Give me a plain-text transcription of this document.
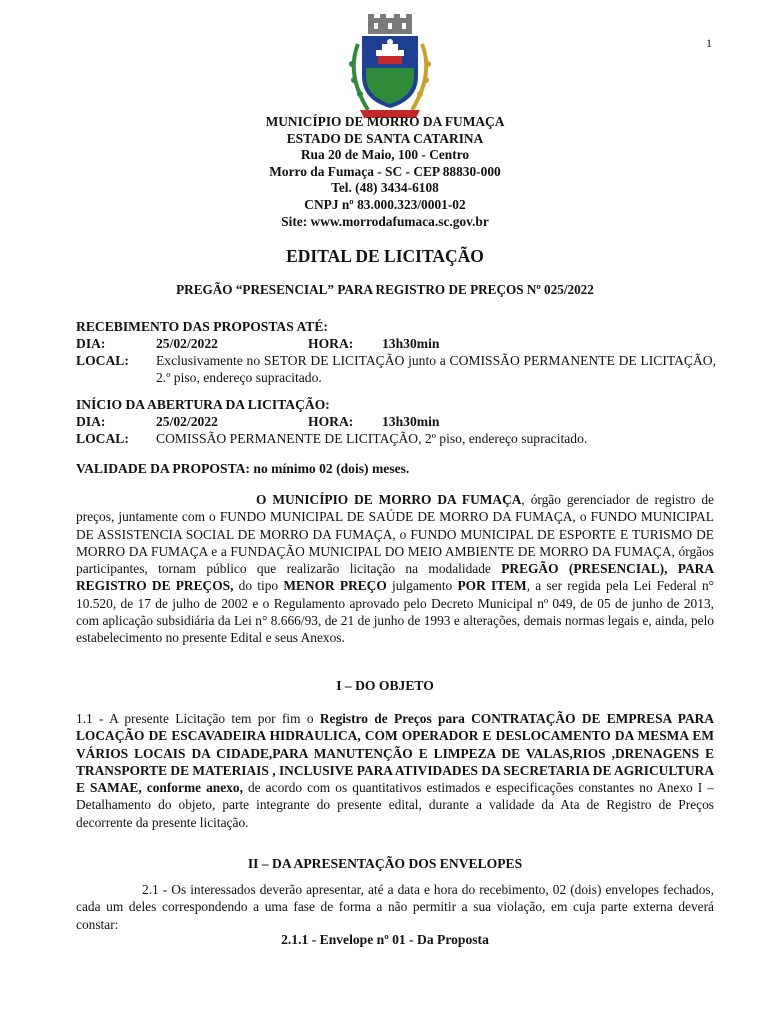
1
MUNICÍPIO DE MORRO DA FUMAÇA
ESTADO DE SANTA CATARINA
Rua 20 de Maio, 100 - Centro
Morro da Fumaça - SC - CEP 88830-000
Tel. (48) 3434-6108
CNPJ nº 83.000.323/0001-02
Site: www.morrodafumaca.sc.gov.br
EDITAL DE LICITAÇÃO
PREGÃO “PRESENCIAL” PARA REGISTRO DE PREÇOS Nº 025/2022
RECEBIMENTO DAS PROPOSTAS ATÉ:
DIA:	25/02/2022	HORA:	13h30min
LOCAL:	Exclusivamente no SETOR DE LICITAÇÃO junto a COMISSÃO PERMANENTE DE LICITAÇÃO, 2.º piso, endereço supracitado.
INÍCIO DA ABERTURA DA LICITAÇÃO:
DIA:	25/02/2022	HORA:	13h30min
LOCAL:	COMISSÃO PERMANENTE DE LICITAÇÃO, 2º piso, endereço supracitado.
VALIDADE DA PROPOSTA: no mínimo 02 (dois) meses.
O MUNICÍPIO DE MORRO DA FUMAÇA, órgão gerenciador de registro de preços, juntamente com o FUNDO MUNICIPAL DE SAÚDE DE MORRO DA FUMAÇA, o FUNDO MUNICIPAL DE ASSISTENCIA SOCIAL DE MORRO DA FUMAÇA, o FUNDO MUNICIPAL DE ESPORTE E TURISMO DE MORRO DA FUMAÇA e a FUNDAÇÃO MUNICIPAL DO MEIO AMBIENTE DE MORRO DA FUMAÇA, órgãos participantes, tornam público que realizarão licitação na modalidade PREGÃO (PRESENCIAL), PARA REGISTRO DE PREÇOS, do tipo MENOR PREÇO julgamento POR ITEM, a ser regida pela Lei Federal n° 10.520, de 17 de julho de 2002 e o Regulamento aprovado pelo Decreto Municipal nº 049, de 05 de junho de 2013, com aplicação subsidiária da Lei n° 8.666/93, de 21 de junho de 1993 e alterações, demais normas legais e, ainda, pelo estabelecimento no presente Edital e seus Anexos.
I – DO OBJETO
1.1 - A presente Licitação tem por fim o Registro de Preços para CONTRATAÇÃO DE EMPRESA PARA LOCAÇÃO DE ESCAVADEIRA HIDRAULICA, COM OPERADOR E DESLOCAMENTO DA MESMA EM VÁRIOS LOCAIS DA CIDADE,PARA MANUTENÇÃO E LIMPEZA DE VALAS,RIOS ,DRENAGENS E TRANSPORTE DE MATERIAIS , INCLUSIVE PARA ATIVIDADES DA SECRETARIA DE AGRICULTURA E SAMAE, conforme anexo, de acordo com os quantitativos estimados e especificações constantes no Anexo I – Detalhamento do objeto, parte integrante do presente edital, durante a validade da Ata de Registro de Preços decorrente da presente licitação.
II – DA APRESENTAÇÃO DOS ENVELOPES
2.1 - Os interessados deverão apresentar, até a data e hora do recebimento, 02 (dois) envelopes fechados, cada um deles correspondendo a uma fase de forma a não permitir a sua violação, em cuja parte externa deverá constar:
2.1.1 - Envelope nº 01 - Da Proposta
